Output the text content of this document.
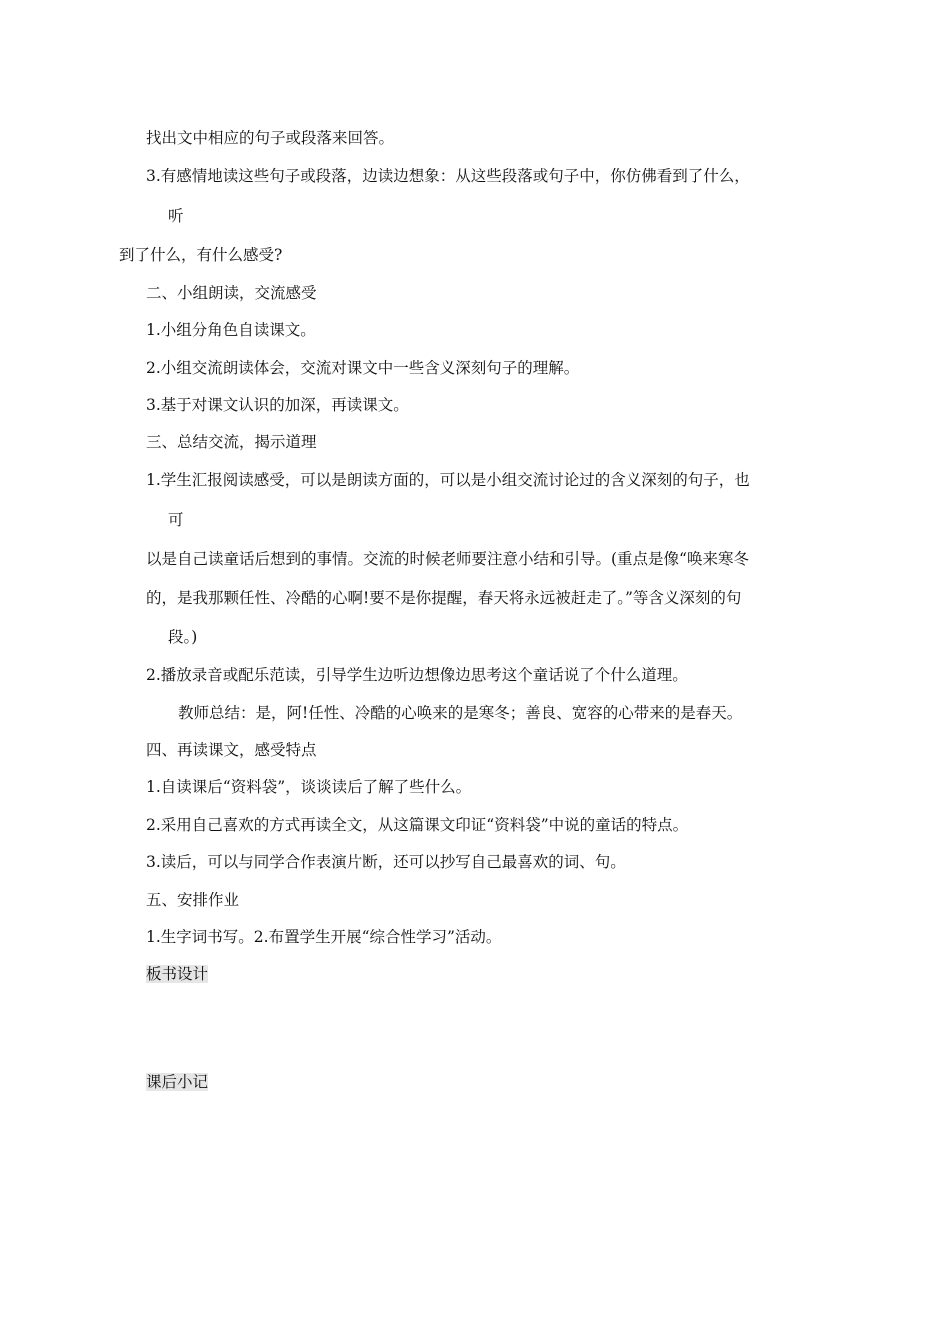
找出文中相应的句子或段落来回答。
3.有感情地读这些句子或段落，边读边想象：从这些段落或句子中，你仿佛看到了什么，
听
到了什么，有什么感受?
二、小组朗读，交流感受
1.小组分角色自读课文。
2.小组交流朗读体会，交流对课文中一些含义深刻句子的理解。
3.基于对课文认识的加深，再读课文。
三、总结交流，揭示道理
1.学生汇报阅读感受，可以是朗读方面的，可以是小组交流讨论过的含义深刻的句子，也
可
以是自己读童话后想到的事情。交流的时候老师要注意小结和引导。(重点是像“唤来寒冬
的，是我那颗任性、冷酷的心啊!要不是你提醒，春天将永远被赶走了。”等含义深刻的句
段。)
2.播放录音或配乐范读，引导学生边听边想像边思考这个童话说了个什么道理。
教师总结：是，阿!任性、冷酷的心唤来的是寒冬；善良、宽容的心带来的是春天。
四、再读课文，感受特点
1.自读课后“资料袋”，谈谈读后了解了些什么。
2.采用自己喜欢的方式再读全文，从这篇课文印证“资料袋”中说的童话的特点。
3.读后，可以与同学合作表演片断，还可以抄写自己最喜欢的词、句。
五、安排作业
1.生字词书写。2.布置学生开展“综合性学习”活动。
板书设计
课后小记
